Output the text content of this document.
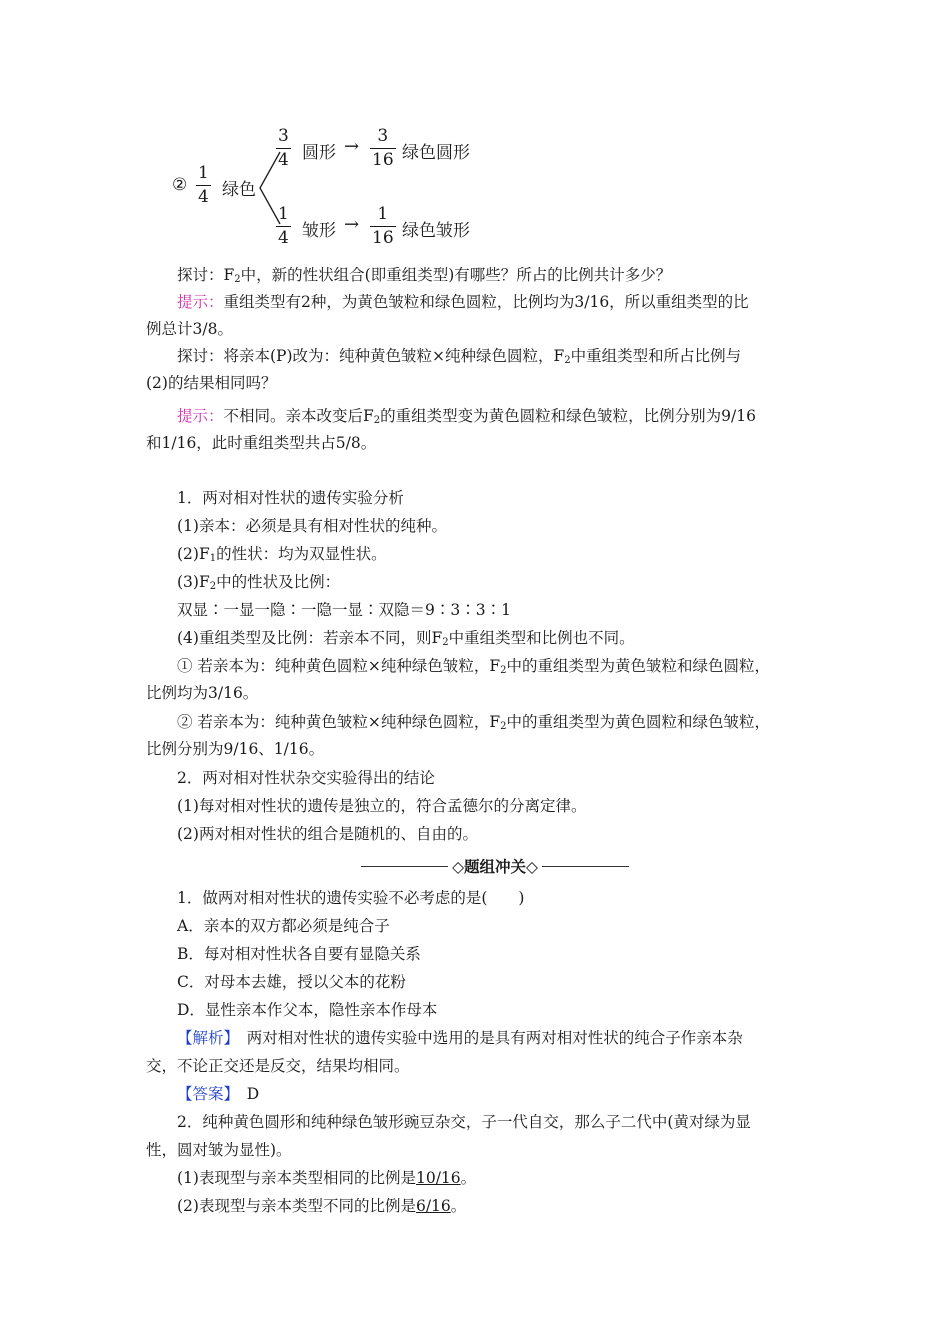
②
1
4 绿色
3
4 圆形 → 3
16 绿色圆形
1
4 皱形 → 1
16 绿色皱形
探讨：$F_2$中，新的性状组合(即重组类型)有哪些？所占的比例共计多少？
提示：重组类型有2种，为黄色皱粒和绿色圆粒，比例均为3/16，所以重组类型的比
例总计3/8。
探讨：将亲本(P)改为：纯种黄色皱粒×纯种绿色圆粒，$F_2$中重组类型和所占比例与
(2)的结果相同吗？
提示：不相同。亲本改变后$F_2$的重组类型变为黄色圆粒和绿色皱粒，比例分别为9/16
和1/16，此时重组类型共占5/8。
1．两对相对性状的遗传实验分析
(1)亲本：必须是具有相对性状的纯种。
$(2)F_1$的性状：均为双显性状。
$(3)F_2$中的性状及比例：
双显∶一显一隐∶一隐一显∶双隐＝9∶3∶3∶1
(4)重组类型及比例：若亲本不同，则$F_2$中重组类型和比例也不同。
① 若亲本为：纯种黄色圆粒×纯种绿色皱粒，$F_2$中的重组类型为黄色皱粒和绿色圆粒，
比例均为3/16。
② 若亲本为：纯种黄色皱粒×纯种绿色圆粒，$F_2$中的重组类型为黄色圆粒和绿色皱粒，
比例分别为9/16、1/16。
2．两对相对性状杂交实验得出的结论
(1)每对相对性状的遗传是独立的，符合孟德尔的分离定律。
(2)两对相对性状的组合是随机的、自由的。
◇题组冲关◇
1．做两对相对性状的遗传实验不必考虑的是(　　)
A．亲本的双方都必须是纯合子
B．每对相对性状各自要有显隐关系
C．对母本去雄，授以父本的花粉
D．显性亲本作父本，隐性亲本作母本
【解析】　两对相对性状的遗传实验中选用的是具有两对相对性状的纯合子作亲本杂
交，不论正交还是反交，结果均相同。
【答案】　D
2．纯种黄色圆形和纯种绿色皱形豌豆杂交，子一代自交，那么子二代中(黄对绿为显
性，圆对皱为显性)。
(1)表现型与亲本类型相同的比例是10/16。
(2)表现型与亲本类型不同的比例是6/16。
